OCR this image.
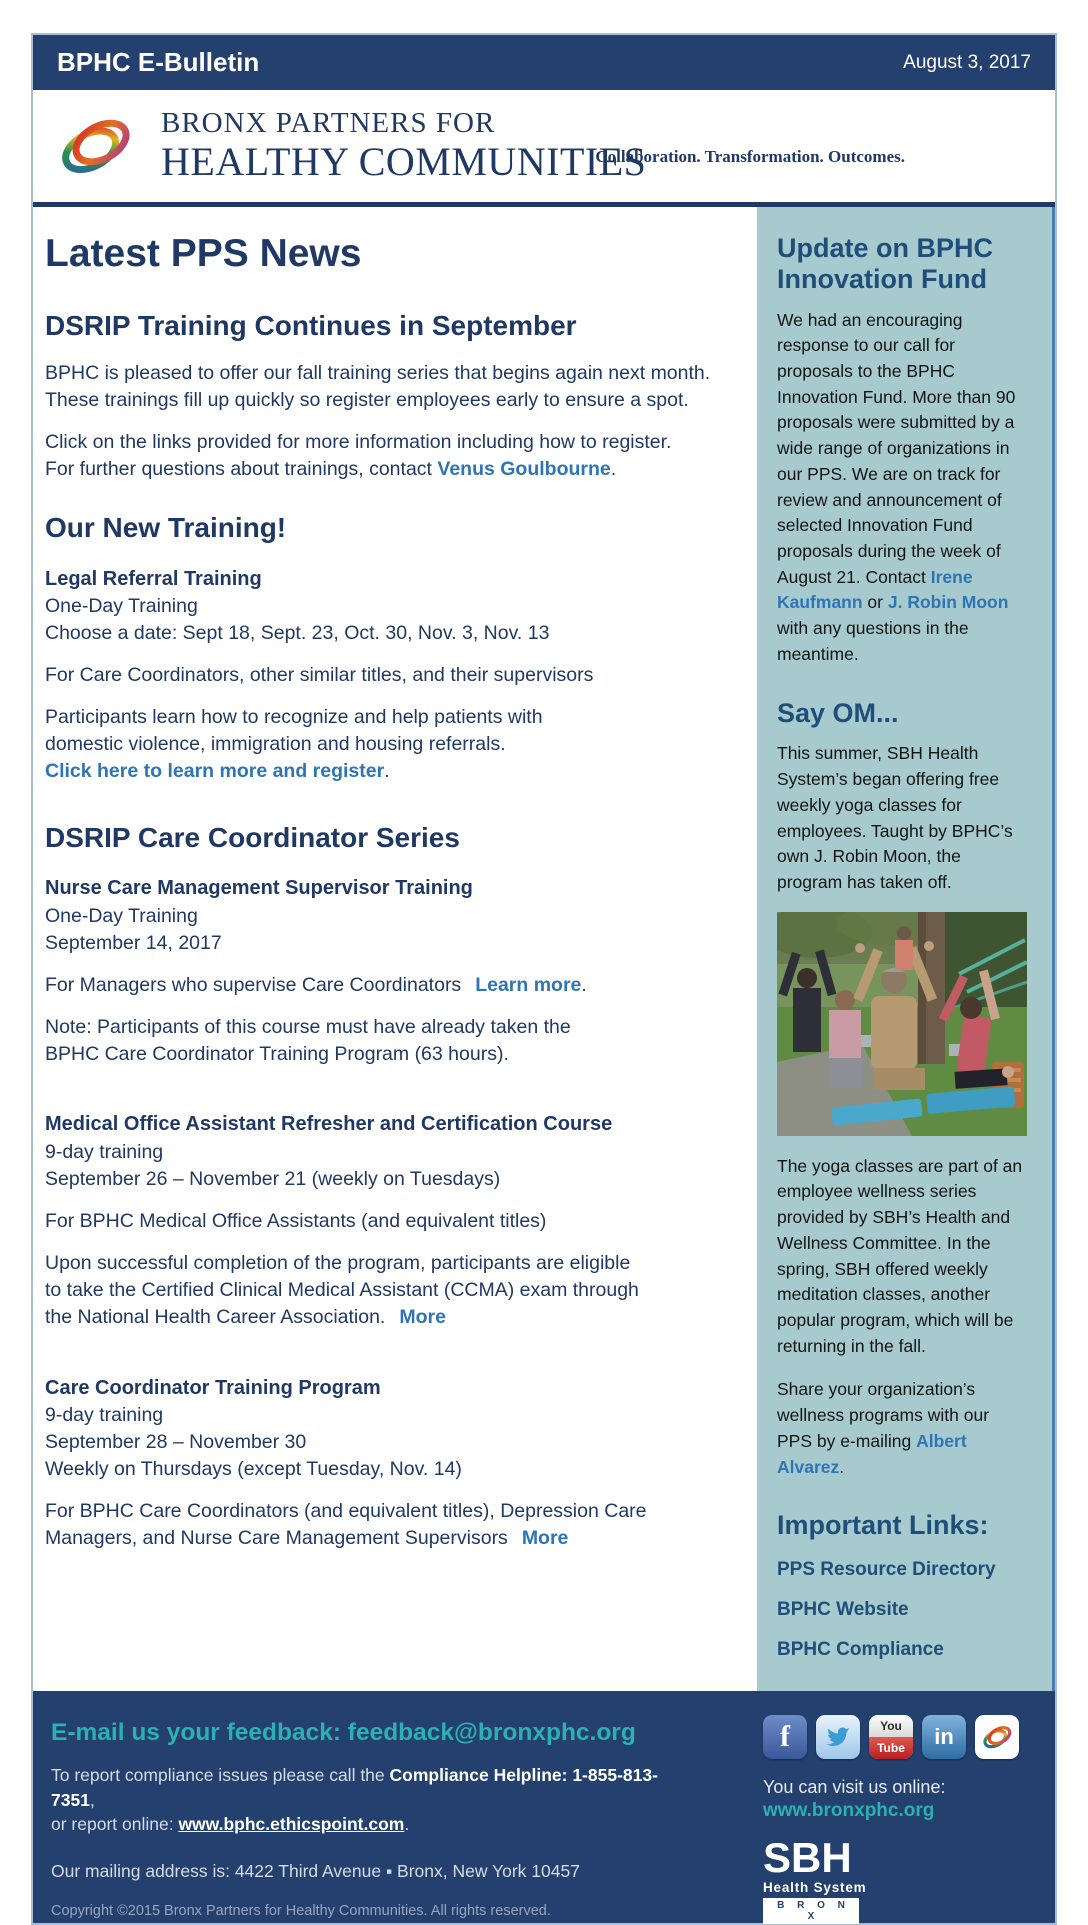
BPHC E-Bulletin	August 3, 2017
BRONX PARTNERS FOR
HEALTHY COMMUNITIES
Collaboration. Transformation. Outcomes.
Latest PPS News
DSRIP Training Continues in September
BPHC is pleased to offer our fall training series that begins again next month.
These trainings fill up quickly so register employees early to ensure a spot.
Click on the links provided for more information including how to register.
For further questions about trainings, contact Venus Goulbourne.
Our New Training!
Legal Referral Training
One-Day Training
Choose a date: Sept 18, Sept. 23, Oct. 30, Nov. 3, Nov. 13
For Care Coordinators, other similar titles, and their supervisors
Participants learn how to recognize and help patients with
domestic violence, immigration and housing referrals.
Click here to learn more and register.
DSRIP Care Coordinator Series
Nurse Care Management Supervisor Training
One-Day Training
September 14, 2017
For Managers who supervise Care Coordinators Learn more.
Note: Participants of this course must have already taken the
BPHC Care Coordinator Training Program (63 hours).
Medical Office Assistant Refresher and Certification Course
9-day training
September 26 – November 21 (weekly on Tuesdays)
For BPHC Medical Office Assistants (and equivalent titles)
Upon successful completion of the program, participants are eligible
to take the Certified Clinical Medical Assistant (CCMA) exam through
the National Health Career Association. More
Care Coordinator Training Program
9-day training
September 28 – November 30
Weekly on Thursdays (except Tuesday, Nov. 14)
For BPHC Care Coordinators (and equivalent titles), Depression Care
Managers, and Nurse Care Management Supervisors More
Update on BPHC
Innovation Fund
We had an encouraging response to our call for proposals to the BPHC Innovation Fund. More than 90 proposals were submitted by a wide range of organizations in our PPS. We are on track for review and announcement of selected Innovation Fund proposals during the week of August 21. Contact Irene Kaufmann or J. Robin Moon with any questions in the meantime.
Say OM...
This summer, SBH Health System’s began offering free weekly yoga classes for employees. Taught by BPHC’s own J. Robin Moon, the program has taken off.
The yoga classes are part of an employee wellness series provided by SBH’s Health and Wellness Committee. In the spring, SBH offered weekly meditation classes, another popular program, which will be returning in the fall.
Share your organization’s wellness programs with our PPS by e-mailing Albert Alvarez.
Important Links:
PPS Resource Directory
BPHC Website
BPHC Compliance
E-mail us your feedback: feedback@bronxphc.org
To report compliance issues please call the Compliance Helpline: 1-855-813-7351,
or report online: www.bphc.ethicspoint.com.
Our mailing address is: 4422 Third Avenue ▪ Bronx, New York 10457
Copyright ©2015 Bronx Partners for Healthy Communities. All rights reserved.
f	You
Tube	in
You can visit us online:
www.bronxphc.org
SBH
Health System
B R O N X
